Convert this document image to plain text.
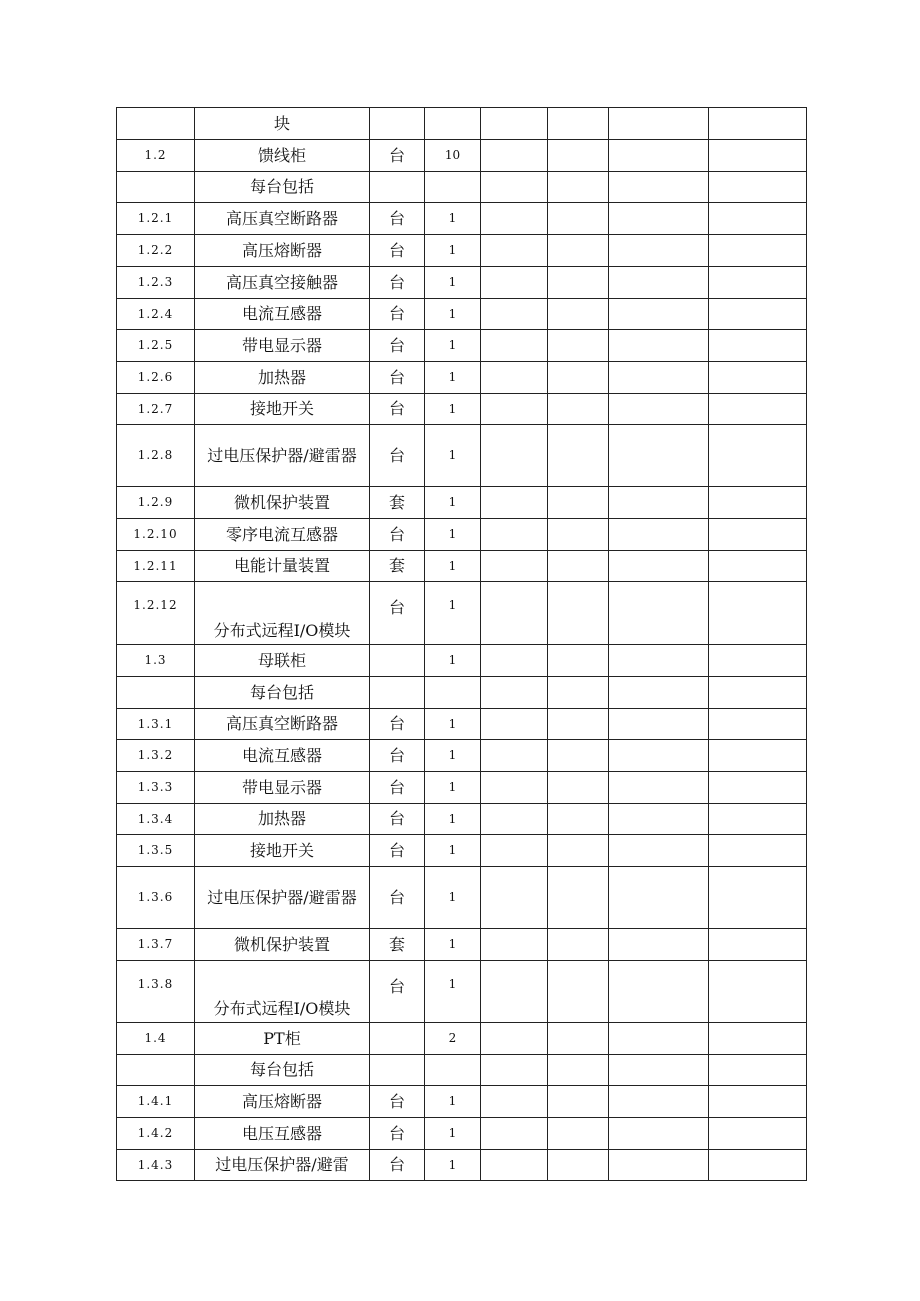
	块						
1.2	馈线柜	台	10				
	每台包括						
1.2.1	高压真空断路器	台	1				
1.2.2	高压熔断器	台	1				
1.2.3	高压真空接触器	台	1				
1.2.4	电流互感器	台	1				
1.2.5	带电显示器	台	1				
1.2.6	加热器	台	1				
1.2.7	接地开关	台	1				
1.2.8	过电压保护器/避雷器	台	1				
1.2.9	微机保护装置	套	1				
1.2.10	零序电流互感器	台	1				
1.2.11	电能计量装置	套	1				
1.2.12	分布式远程I/O模块	台	1				
1.3	母联柜		1				
	每台包括						
1.3.1	高压真空断路器	台	1				
1.3.2	电流互感器	台	1				
1.3.3	带电显示器	台	1				
1.3.4	加热器	台	1				
1.3.5	接地开关	台	1				
1.3.6	过电压保护器/避雷器	台	1				
1.3.7	微机保护装置	套	1				
1.3.8	分布式远程I/O模块	台	1				
1.4	PT柜		2				
	每台包括						
1.4.1	高压熔断器	台	1				
1.4.2	电压互感器	台	1				
1.4.3	过电压保护器/避雷	台	1				
